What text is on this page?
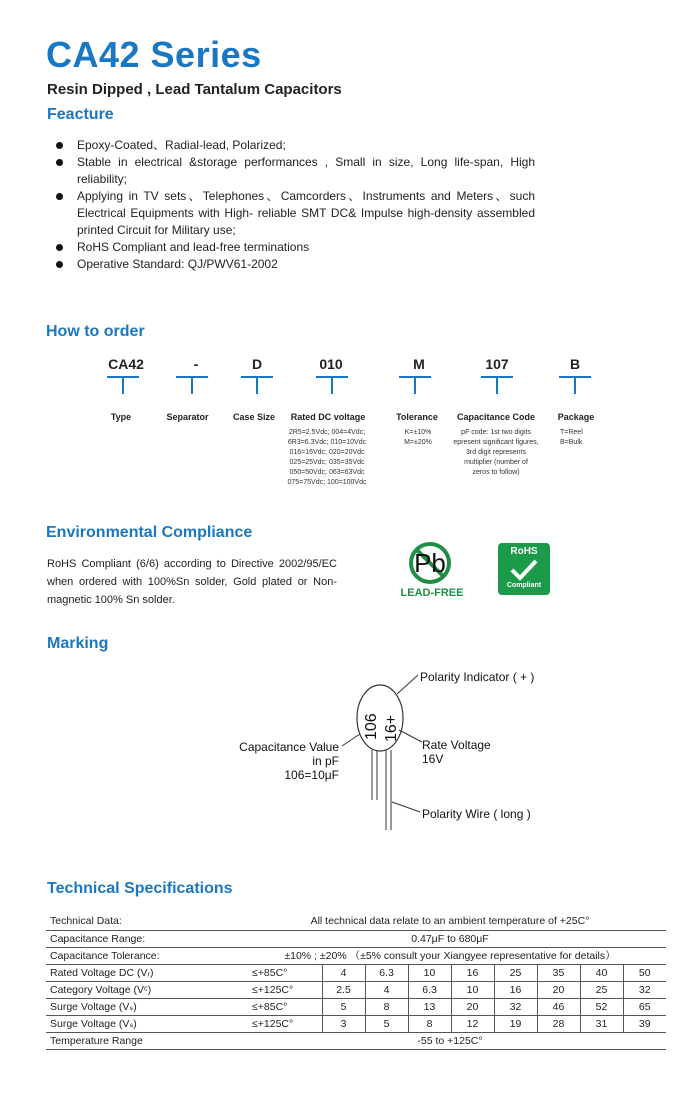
CA42 Series
Resin Dipped , Lead Tantalum Capacitors
Feacture
Epoxy-Coated、Radial-lead, Polarized;
Stable in electrical &storage performances , Small in size, Long life-span, High reliability;
Applying in TV sets、Telephones、Camcorders、Instruments and Meters、such Electrical Equipments with High- reliable SMT DC& Impulse high-density assembled printed Circuit for Military use;
RoHS Compliant and lead-free terminations
Operative Standard: QJ/PWV61-2002
How to order
CA42	-	D	010	M	107	B
Type	Separator	Case Size	Rated DC voltage	Tolerance	Capacitance Code	Package
2R5=2.5Vdc; 004=4Vdc;
6R3=6.3Vdc; 010=10Vdc
016=16Vdc; 020=20Vdc
025=25Vdc; 035=35Vdc
050=50Vdc; 063=63Vdc
075=75Vdc; 100=100Vdc
K=±10%
M=±20%
pF code: 1st two digits
epresent significant figures,
3rd digit represents
multiplier (number of
zeros to follow)
T=Reel
B=Bulk
Environmental Compliance
RoHS Compliant (6/6) according to Directive 2002/95/EC when ordered with 100%Sn solder, Gold plated or Non-magnetic 100% Sn solder.
Pb
LEAD-FREE
RoHS
Compliant
Marking
106 16+
Polarity Indicator ( + )
Capacitance Value
in pF
106=10μF
Rate Voltage
16V
Polarity Wire ( long )
Technical Specifications
Technical Data:	All technical data relate to an ambient temperature of +25C°								
Capacitance Range:	0.47μF to 680μF								
Capacitance Tolerance:	±10% ; ±20% （±5% consult your Xiangyee representative for details）								
Rated Voltage DC (Vᵣ)	≤+85C°	4	6.3	10	16	25	35	40	50
Category Voltage (Vᶜ)	≤+125C°	2.5	4	6.3	10	16	20	25	32
Surge Voltage (Vₛ)	≤+85C°	5	8	13	20	32	46	52	65
Surge Voltage (Vₛ)	≤+125C°	3	5	8	12	19	28	31	39
Temperature Range	-55 to +125C°								
